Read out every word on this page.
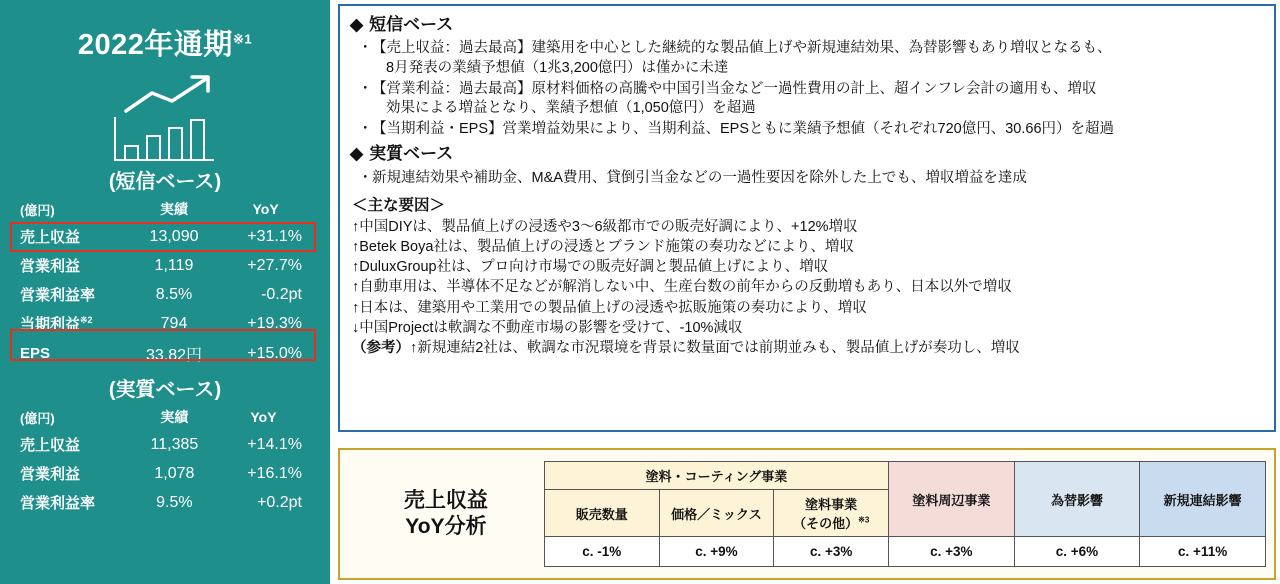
2022年通期$^{※1}$
(短信ベース)
(億円)	実績	YoY
売上収益	13,090	+31.1%
営業利益	1,119	+27.7%
営業利益率	8.5%	-0.2pt
当期利益$^{※2}$	794	+19.3%
EPS	33.82円	+15.0%
(実質ベース)
(億円)	実績	YoY
売上収益	11,385	+14.1%
営業利益	1,078	+16.1%
営業利益率	9.5%	+0.2pt
◆ 短信ベース
・ 【売上収益：過去最高】建築用を中心とした継続的な製品値上げや新規連結効果、為替影響もあり増収となるも、
8月発表の業績予想値（1兆3,200億円）は僅かに未達
・ 【営業利益：過去最高】原材料価格の高騰や中国引当金など一過性費用の計上、超インフレ会計の適用も、増収
効果による増益となり、業績予想値（1,050億円）を超過
・ 【当期利益・EPS】営業増益効果により、当期利益、EPSともに業績予想値（それぞれ720億円、30.66円）を超過
◆ 実質ベース
・ 新規連結効果や補助金、M&A費用、貸倒引当金などの一過性要因を除外した上でも、増収増益を達成
＜主な要因＞
↑中国DIYは、製品値上げの浸透や3～6級都市での販売好調により、+12%増収
↑Betek Boya社は、製品値上げの浸透とブランド施策の奏功などにより、増収
↑DuluxGroup社は、プロ向け市場での販売好調と製品値上げにより、増収
↑自動車用は、半導体不足などが解消しない中、生産台数の前年からの反動増もあり、日本以外で増収
↑日本は、建築用や工業用での製品値上げの浸透や拡販施策の奏功により、増収
↓中国Projectは軟調な不動産市場の影響を受けて、-10%減収
（参考）↑新規連結2社は、軟調な市況環境を背景に数量面では前期並みも、製品値上げが奏功し、増収
売上収益
YoY分析
塗料・コーティング事業			塗料周辺事業	為替影響	新規連結影響
販売数量	価格／ミックス	塗料事業
（その他）$^{※3}$
c. -1%	c. +9%	c. +3%	c. +3%	c. +6%	c. +11%
